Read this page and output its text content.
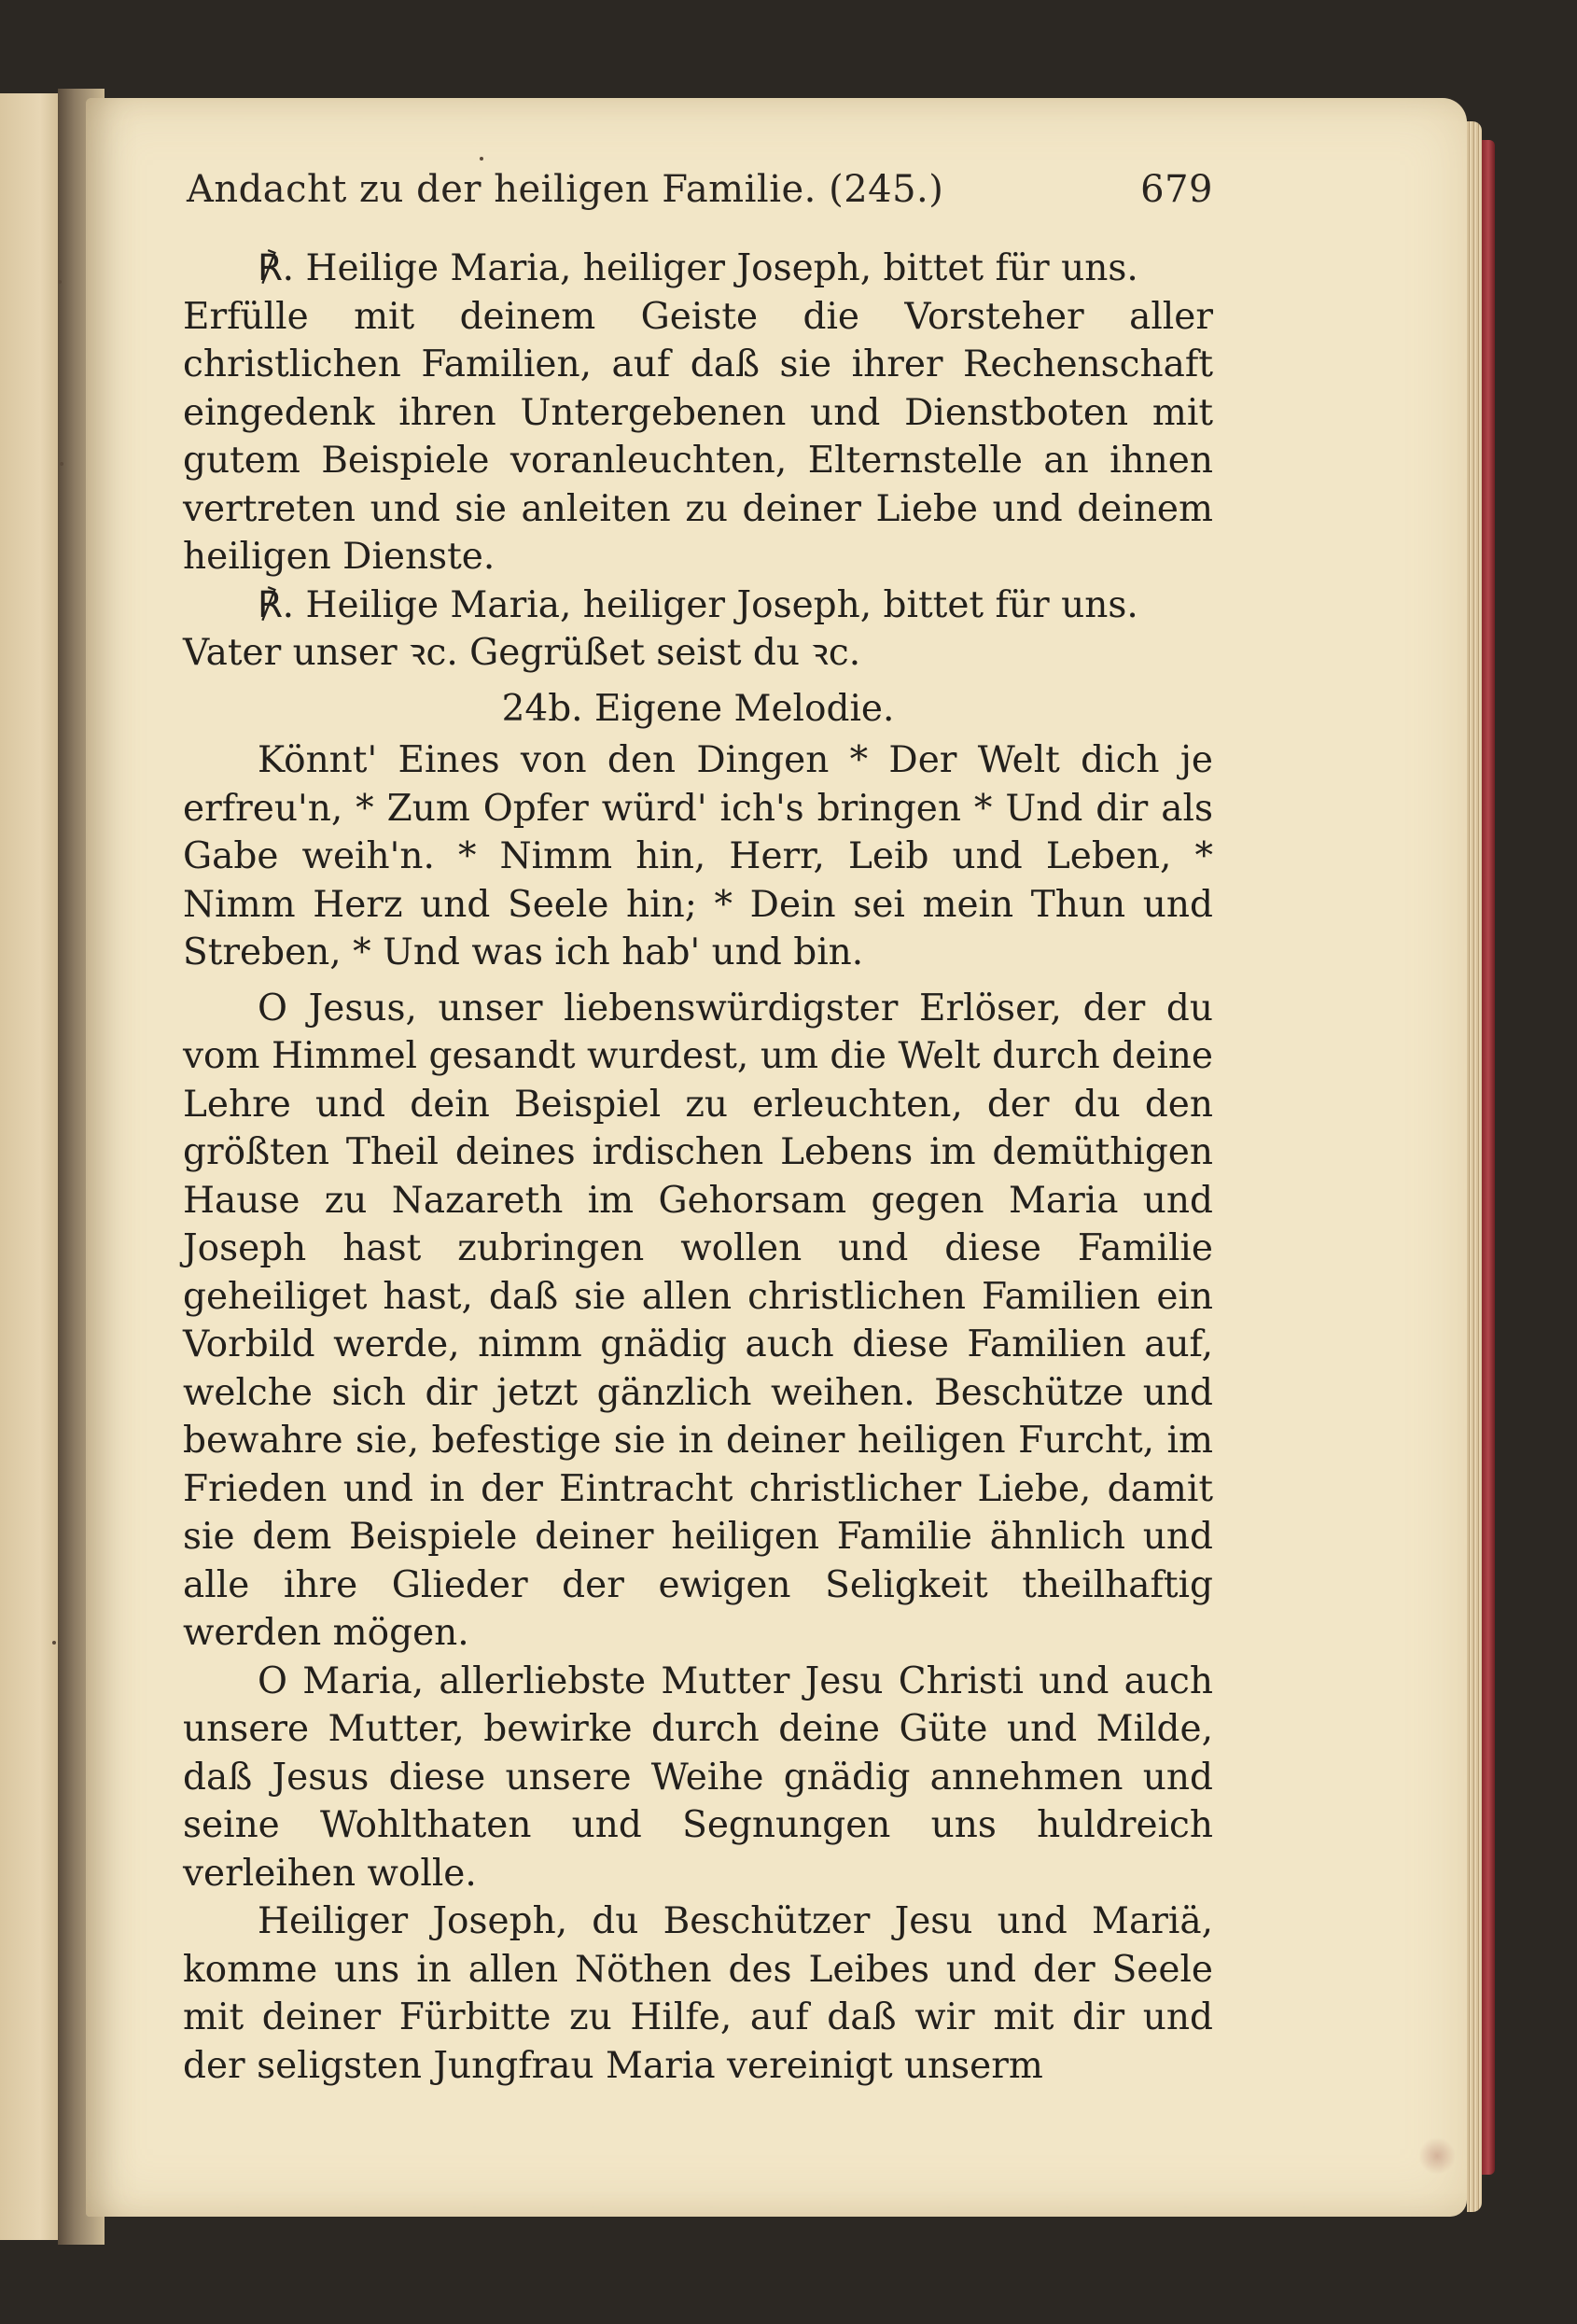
Andacht zu der heiligen Familie. (245.)	679

℟. Heilige Maria, heiliger Joseph, bittet für uns.

Erfülle mit deinem Geiste die Vorsteher aller christlichen Familien, auf daß sie ihrer Rechenschaft eingedenk ihren Untergebenen und Dienstboten mit gutem Beispiele voranleuchten, Elternstelle an ihnen vertreten und sie anleiten zu deiner Liebe und deinem heiligen Dienste.

℟. Heilige Maria, heiliger Joseph, bittet für uns.

Vater unser ꝛc. Gegrüßet seist du ꝛc.

24b. Eigene Melodie.

Könnt' Eines von den Dingen * Der Welt dich je erfreu'n, * Zum Opfer würd' ich's bringen * Und dir als Gabe weih'n. * Nimm hin, Herr, Leib und Leben, * Nimm Herz und Seele hin; * Dein sei mein Thun und Streben, * Und was ich hab' und bin.

O Jesus, unser liebenswürdigster Erlöser, der du vom Himmel gesandt wurdest, um die Welt durch deine Lehre und dein Beispiel zu erleuchten, der du den größten Theil deines irdischen Lebens im demüthigen Hause zu Nazareth im Gehorsam gegen Maria und Joseph hast zubringen wollen und diese Familie geheiliget hast, daß sie allen christlichen Familien ein Vorbild werde, nimm gnädig auch diese Familien auf, welche sich dir jetzt gänzlich weihen. Beschütze und bewahre sie, befestige sie in deiner heiligen Furcht, im Frieden und in der Eintracht christlicher Liebe, damit sie dem Beispiele deiner heiligen Familie ähnlich und alle ihre Glieder der ewigen Seligkeit theilhaftig werden mögen.

O Maria, allerliebste Mutter Jesu Christi und auch unsere Mutter, bewirke durch deine Güte und Milde, daß Jesus diese unsere Weihe gnädig annehmen und seine Wohlthaten und Segnungen uns huldreich verleihen wolle.

Heiliger Joseph, du Beschützer Jesu und Mariä, komme uns in allen Nöthen des Leibes und der Seele mit deiner Fürbitte zu Hilfe, auf daß wir mit dir und der seligsten Jungfrau Maria vereinigt unserm
